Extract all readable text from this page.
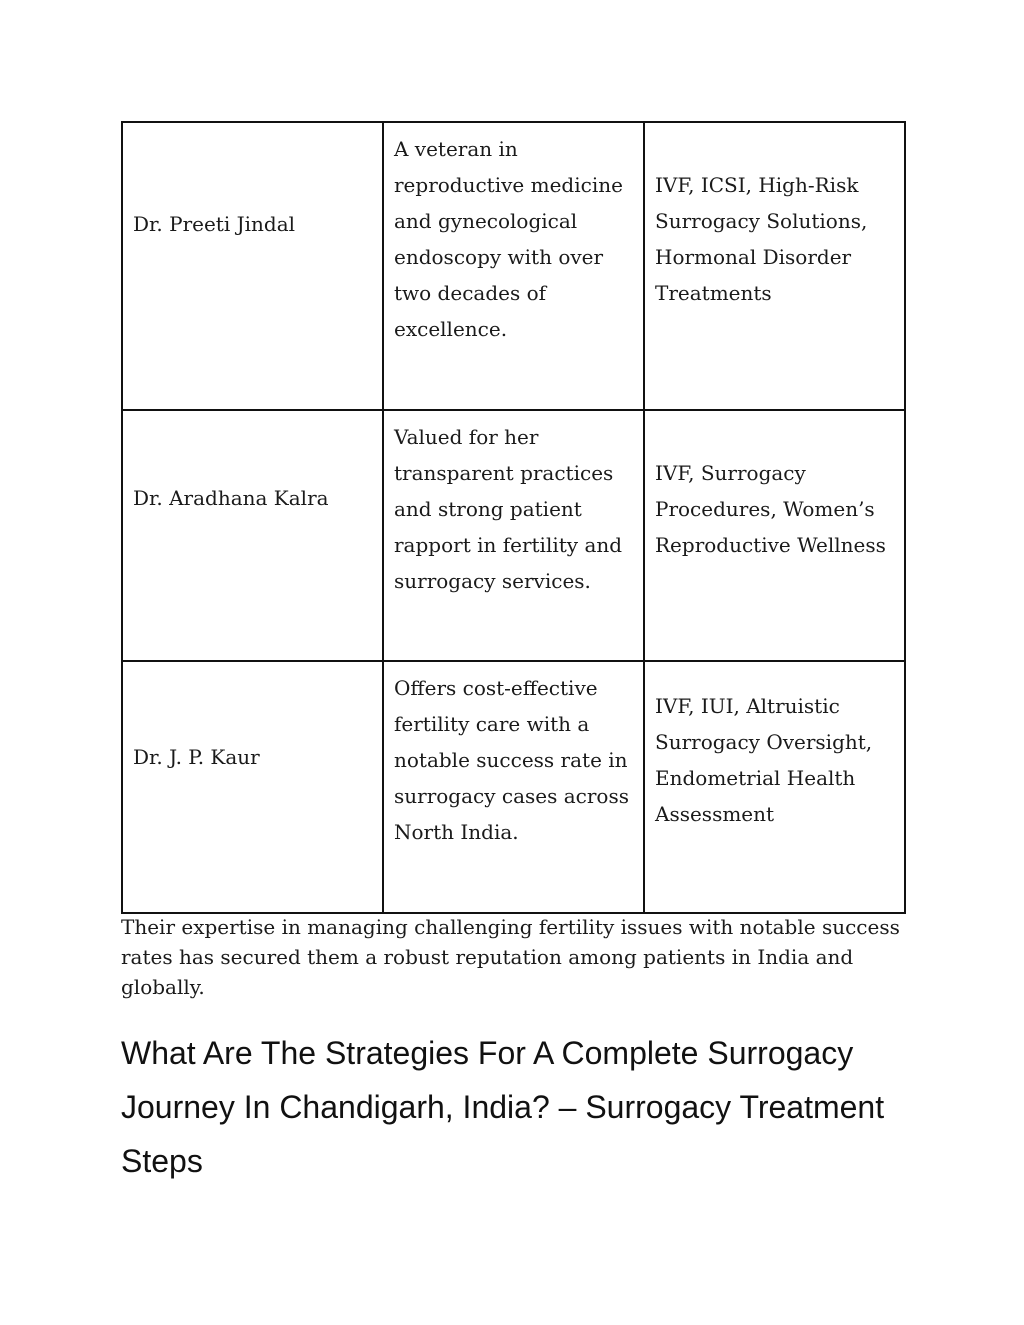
Dr. Preeti Jindal	A veteran in reproductive medicine and gynecological endoscopy with over two decades of excellence.	IVF, ICSI, High-Risk Surrogacy Solutions, Hormonal Disorder Treatments

Dr. Aradhana Kalra	Valued for her transparent practices and strong patient rapport in fertility and surrogacy services.	IVF, Surrogacy Procedures, Women’s Reproductive Wellness

Dr. J. P. Kaur	Offers cost-effective fertility care with a notable success rate in surrogacy cases across North India.	IVF, IUI, Altruistic Surrogacy Oversight, Endometrial Health Assessment

Their expertise in managing challenging fertility issues with notable success rates has secured them a robust reputation among patients in India and globally.

What Are The Strategies For A Complete Surrogacy Journey In Chandigarh, India? – Surrogacy Treatment Steps
